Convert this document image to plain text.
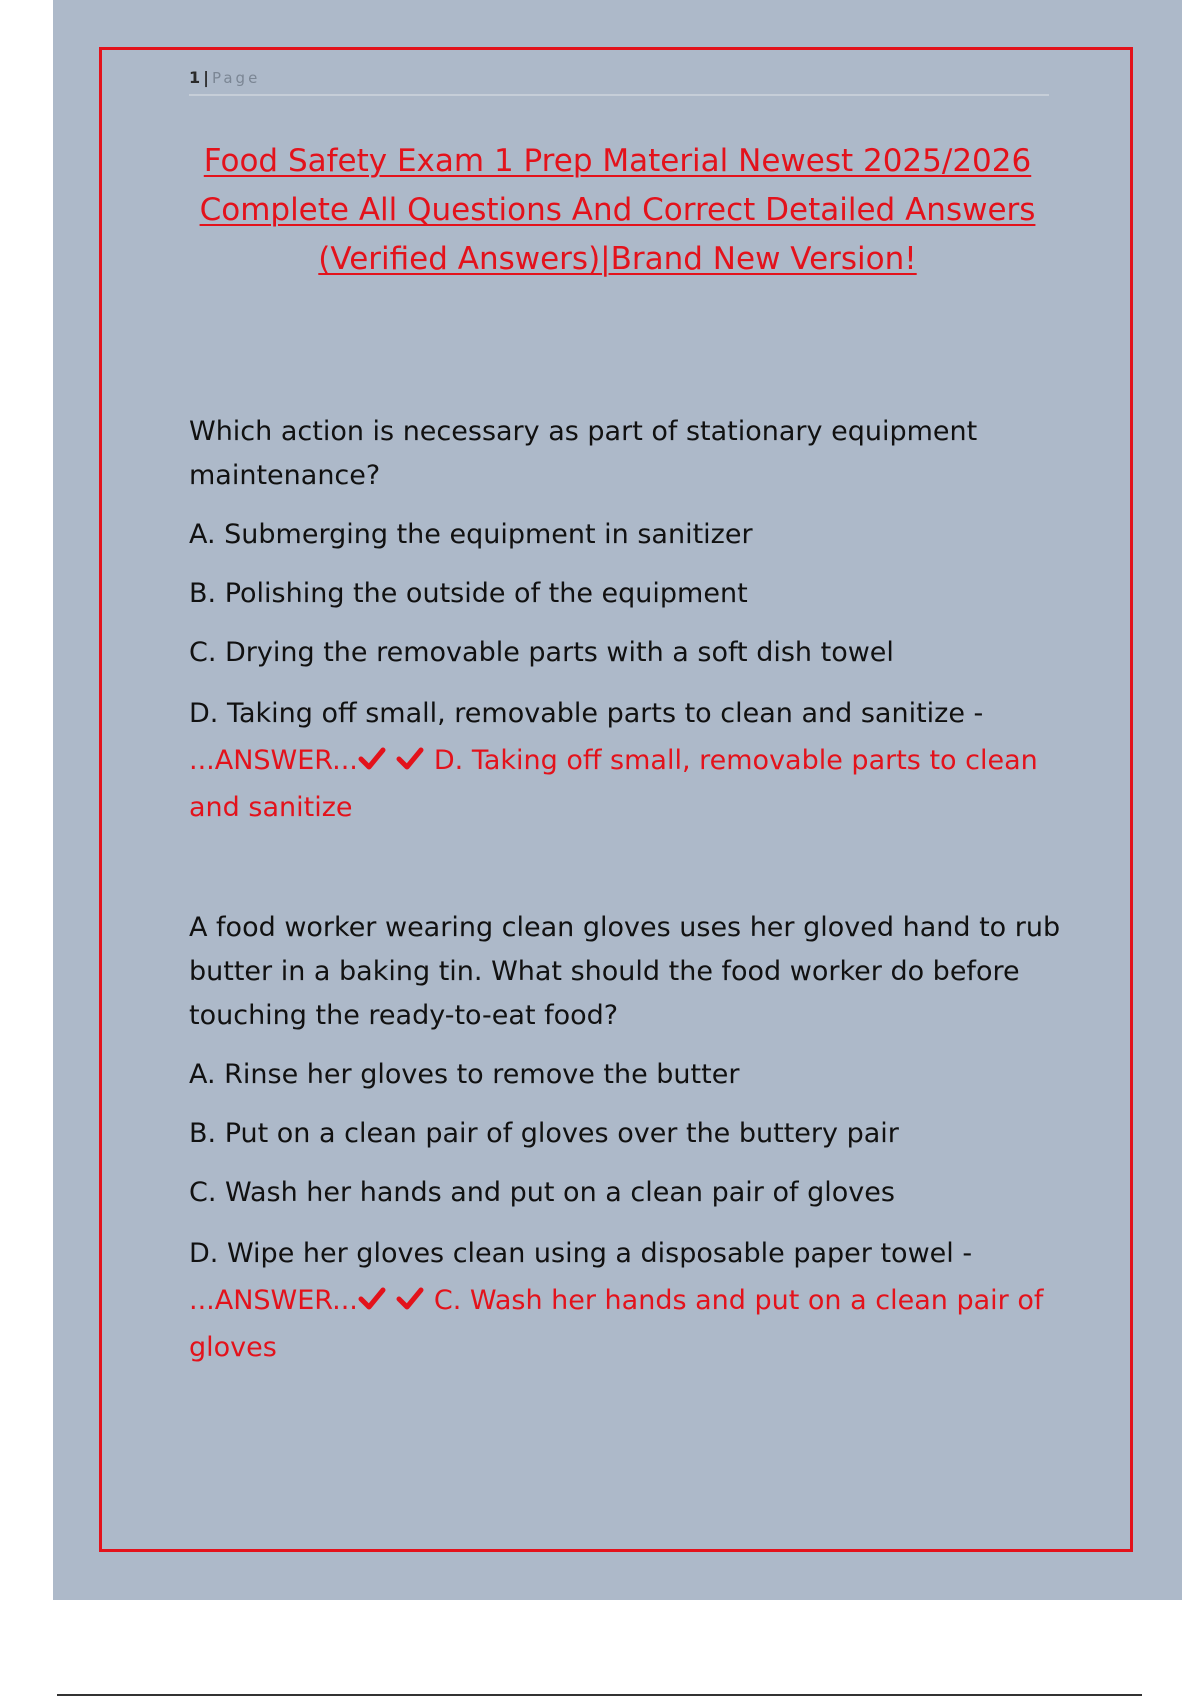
1 | Page
Food Safety Exam 1 Prep Material Newest 2025/2026 Complete All Questions And Correct Detailed Answers (Verified Answers)|Brand New Version!
Which action is necessary as part of stationary equipment maintenance?
A. Submerging the equipment in sanitizer
B. Polishing the outside of the equipment
C. Drying the removable parts with a soft dish towel
D. Taking off small, removable parts to clean and sanitize - ...ANSWER...	D. Taking off small, removable parts to clean and sanitize
A food worker wearing clean gloves uses her gloved hand to rub butter in a baking tin. What should the food worker do before touching the ready-to-eat food?
A. Rinse her gloves to remove the butter
B. Put on a clean pair of gloves over the buttery pair
C. Wash her hands and put on a clean pair of gloves
D. Wipe her gloves clean using a disposable paper towel - ...ANSWER...	C. Wash her hands and put on a clean pair of gloves
